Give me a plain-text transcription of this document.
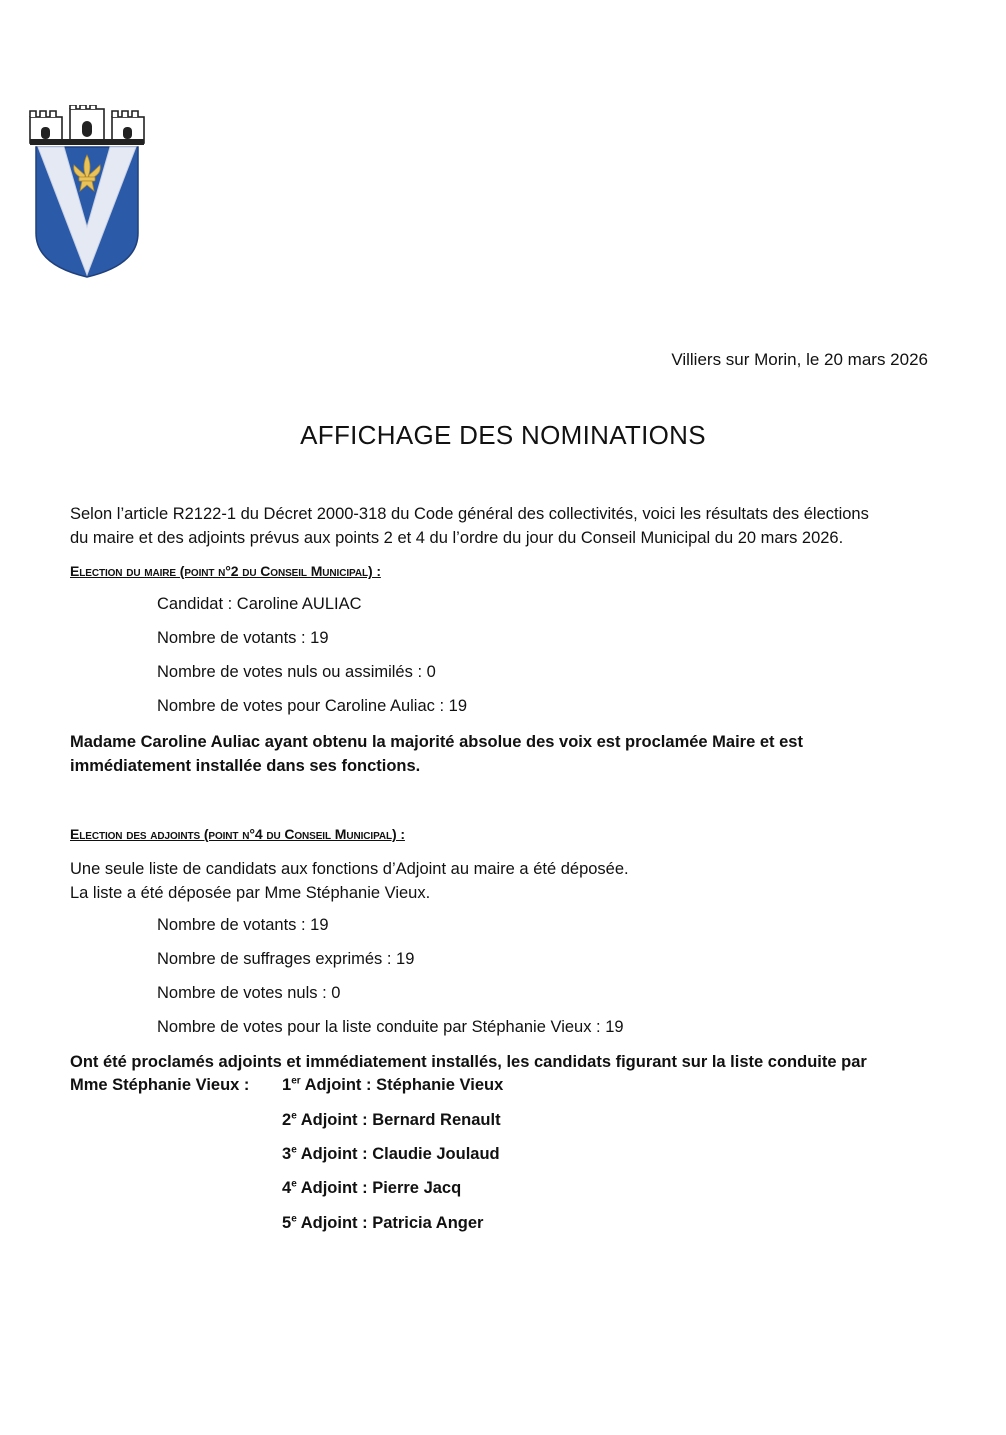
Villiers sur Morin, le 20 mars 2026
AFFICHAGE DES NOMINATIONS
Selon l’article R2122-1 du Décret 2000-318 du Code général des collectivités, voici les résultats des élections
du maire et des adjoints prévus aux points 2 et 4 du l’ordre du jour du Conseil Municipal du 20 mars 2026.
Election du maire (point n°2 du Conseil Municipal) :
Candidat : Caroline AULIAC
Nombre de votants : 19
Nombre de votes nuls ou assimilés : 0
Nombre de votes pour Caroline Auliac : 19
Madame Caroline Auliac ayant obtenu la majorité absolue des voix est proclamée Maire et est
immédiatement installée dans ses fonctions.
Election des adjoints (point n°4 du Conseil Municipal) :
Une seule liste de candidats aux fonctions d’Adjoint au maire a été déposée.
La liste a été déposée par Mme Stéphanie Vieux.
Nombre de votants : 19
Nombre de suffrages exprimés : 19
Nombre de votes nuls : 0
Nombre de votes pour la liste conduite par Stéphanie Vieux : 19
Ont été proclamés adjoints et immédiatement installés, les candidats figurant sur la liste conduite par
Mme Stéphanie Vieux : 1er Adjoint : Stéphanie Vieux
2e Adjoint : Bernard Renault
3e Adjoint : Claudie Joulaud
4e Adjoint : Pierre Jacq
5e Adjoint : Patricia Anger
